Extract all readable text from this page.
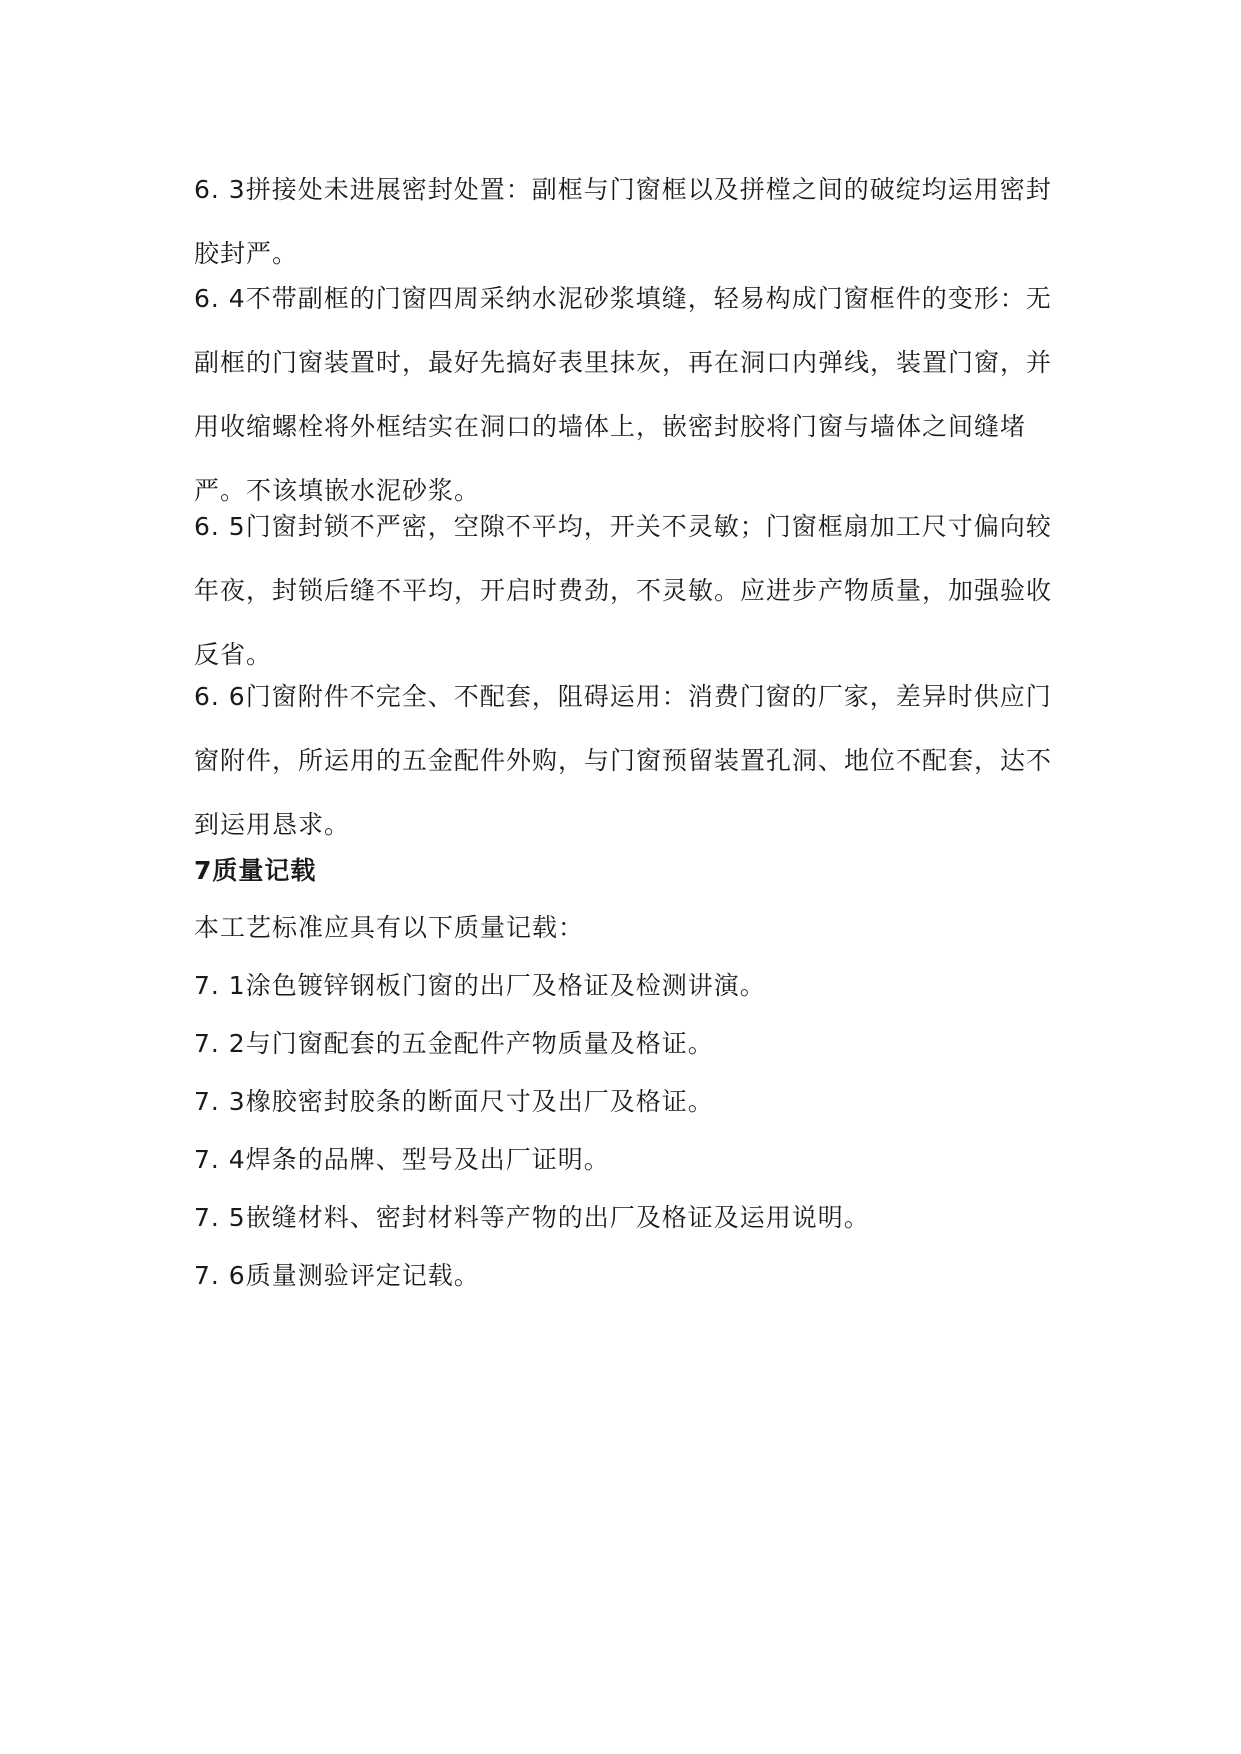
6. 3拼接处未进展密封处置：副框与门窗框以及拼樘之间的破绽均运用密封胶封严。
6. 4不带副框的门窗四周采纳水泥砂浆填缝，轻易构成门窗框件的变形：无副框的门窗装置时，最好先搞好表里抹灰，再在洞口内弹线，装置门窗，并用收缩螺栓将外框结实在洞口的墙体上，嵌密封胶将门窗与墙体之间缝堵严。不该填嵌水泥砂浆。
6. 5门窗封锁不严密，空隙不平均，开关不灵敏；门窗框扇加工尺寸偏向较年夜，封锁后缝不平均，开启时费劲，不灵敏。应进步产物质量，加强验收反省。
6. 6门窗附件不完全、不配套，阻碍运用：消费门窗的厂家，差异时供应门窗附件，所运用的五金配件外购，与门窗预留装置孔洞、地位不配套，达不到运用恳求。
7质量记载
本工艺标准应具有以下质量记载：
7. 1涂色镀锌钢板门窗的出厂及格证及检测讲演。
7. 2与门窗配套的五金配件产物质量及格证。
7. 3橡胶密封胶条的断面尺寸及出厂及格证。
7. 4焊条的品牌、型号及出厂证明。
7. 5嵌缝材料、密封材料等产物的出厂及格证及运用说明。
7. 6质量测验评定记载。
